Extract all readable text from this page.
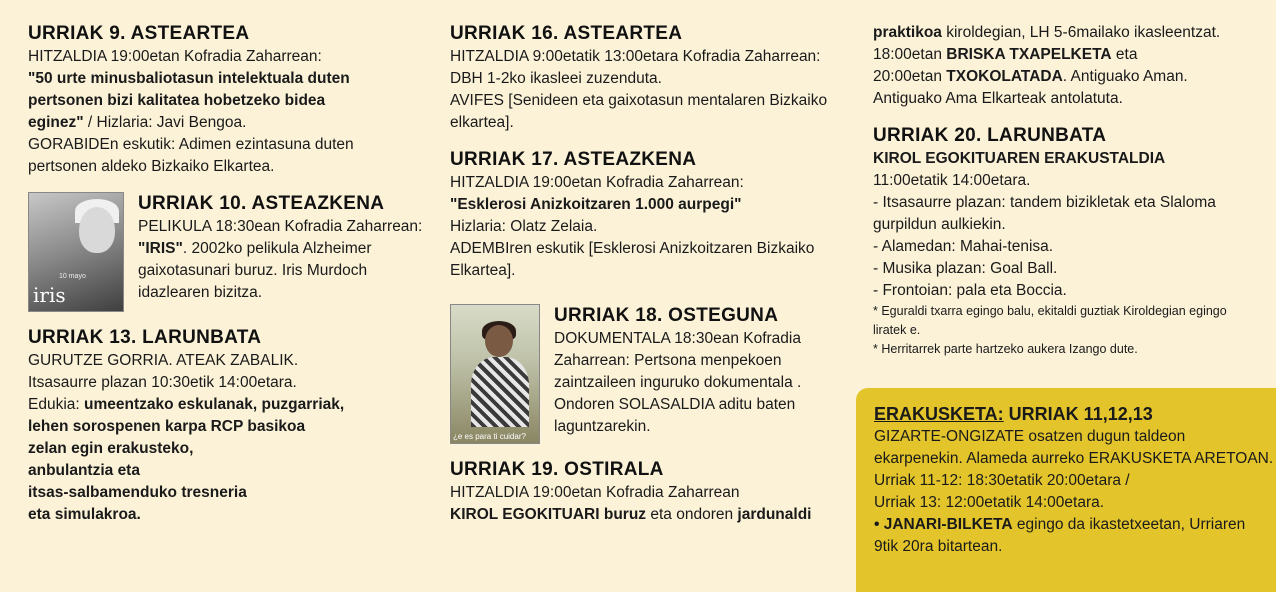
URRIAK 9. ASTEARTEA
HITZALDIA 19:00etan Kofradia Zaharrean:
"50 urte minusbaliotasun intelektuala duten
pertsonen bizi kalitatea hobetzeko bidea
eginez" / Hizlaria: Javi Bengoa.
GORABIDEn eskutik: Adimen ezintasuna duten
pertsonen aldeko Bizkaiko Elkartea.
10 mayo
iris
URRIAK 10. ASTEAZKENA
PELIKULA 18:30ean Kofradia Zaharrean:
"IRIS". 2002ko pelikula Alzheimer
gaixotasunari buruz. Iris Murdoch
idazlearen bizitza.
URRIAK 13. LARUNBATA
GURUTZE GORRIA. ATEAK ZABALIK.
Itsasaurre plazan 10:30etik 14:00etara.
Edukia: umeentzako eskulanak, puzgarriak,
lehen sorospenen karpa RCP basikoa
zelan egin erakusteko,
anbulantzia eta
itsas-salbamenduko tresneria
eta simulakroa.
URRIAK 16. ASTEARTEA
HITZALDIA 9:00etatik 13:00etara Kofradia Zaharrean:
DBH 1-2ko ikasleei zuzenduta.
AVIFES [Senideen eta gaixotasun mentalaren Bizkaiko
elkartea].
URRIAK 17. ASTEAZKENA
HITZALDIA 19:00etan Kofradia Zaharrean:
"Esklerosi Anizkoitzaren 1.000 aurpegi"
Hizlaria: Olatz Zelaia.
ADEMBIren eskutik [Esklerosi Anizkoitzaren Bizkaiko
Elkartea].
¿e es para ti cuidar?
URRIAK 18. OSTEGUNA
DOKUMENTALA 18:30ean Kofradia
Zaharrean: Pertsona menpekoen
zaintzaileen inguruko dokumentala .
Ondoren SOLASALDIA aditu baten
laguntzarekin.
URRIAK 19. OSTIRALA
HITZALDIA 19:00etan Kofradia Zaharrean
KIROL EGOKITUARI buruz eta ondoren jardunaldi
praktikoa kiroldegian, LH 5-6mailako ikasleentzat.
18:00etan BRISKA TXAPELKETA eta
20:00etan TXOKOLATADA. Antiguako Aman.
Antiguako Ama Elkarteak antolatuta.
URRIAK 20. LARUNBATA
KIROL EGOKITUAREN ERAKUSTALDIA
11:00etatik 14:00etara.
- Itsasaurre plazan: tandem bizikletak eta Slaloma
gurpildun aulkiekin.
- Alamedan: Mahai-tenisa.
- Musika plazan: Goal Ball.
- Frontoian: pala eta Boccia.
* Eguraldi txarra egingo balu, ekitaldi guztiak Kiroldegian egingo
liratek e.
* Herritarrek parte hartzeko aukera Izango dute.
ERAKUSKETA: URRIAK 11,12,13
GIZARTE-ONGIZATE osatzen dugun taldeon
ekarpenekin. Alameda aurreko ERAKUSKETA ARETOAN.
Urriak 11-12: 18:30etatik 20:00etara /
Urriak 13: 12:00etatik 14:00etara.
• JANARI-BILKETA egingo da ikastetxeetan, Urriaren
9tik 20ra bitartean.
